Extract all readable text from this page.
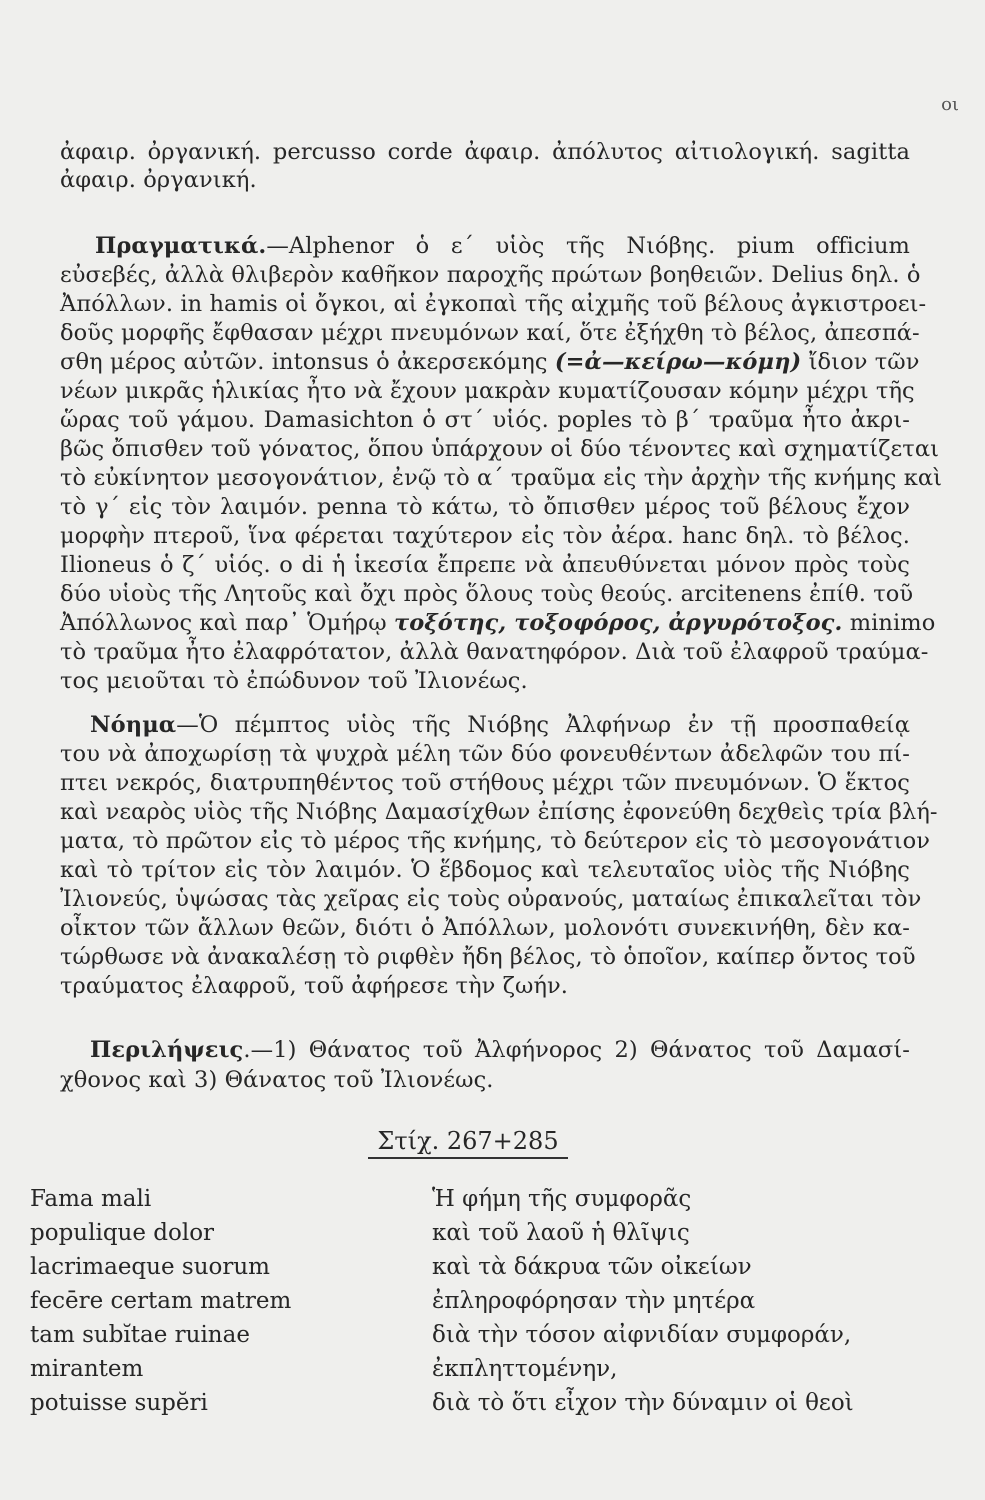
οι
ἀφαιρ. ὀργανική. percusso corde ἀφαιρ. ἀπόλυτος αἰτιολογική. sagitta
ἀφαιρ. ὀργανική.
Πραγματικά.—Alphenor ὁ ε΄ υἱὸς τῆς Νιόβης. pium officium
εὐσεβές, ἀλλὰ θλιβερὸν καθῆκον παροχῆς πρώτων βοηθειῶν. Delius δηλ. ὁ
Ἀπόλλων. in hamis οἱ ὄγκοι, αἱ ἐγκοπαὶ τῆς αἰχμῆς τοῦ βέλους ἀγκιστροει-
δοῦς μορφῆς ἔφθασαν μέχρι πνευμόνων καί, ὅτε ἐξήχθη τὸ βέλος, ἀπεσπά-
σθη μέρος αὐτῶν. intonsus ὁ ἀκερσεκόμης (=ἀ—κείρω—κόμη) ἴδιον τῶν
νέων μικρᾶς ἡλικίας ἦτο νὰ ἔχουν μακρὰν κυματίζουσαν κόμην μέχρι τῆς
ὥρας τοῦ γάμου. Damasichton ὁ στ΄ υἱός. poples τὸ β΄ τραῦμα ἦτο ἀκρι-
βῶς ὄπισθεν τοῦ γόνατος, ὅπου ὑπάρχουν οἱ δύο τένοντες καὶ σχηματίζεται
τὸ εὐκίνητον μεσογονάτιον, ἐνῷ τὸ α΄ τραῦμα εἰς τὴν ἀρχὴν τῆς κνήμης καὶ
τὸ γ΄ εἰς τὸν λαιμόν. penna τὸ κάτω, τὸ ὄπισθεν μέρος τοῦ βέλους ἔχον
μορφὴν πτεροῦ, ἵνα φέρεται ταχύτερον εἰς τὸν ἀέρα. hanc δηλ. τὸ βέλος.
Ilioneus ὁ ζ΄ υἱός. o di ἡ ἱκεσία ἔπρεπε νὰ ἀπευθύνεται μόνον πρὸς τοὺς
δύο υἱοὺς τῆς Λητοῦς καὶ ὄχι πρὸς ὅλους τοὺς θεούς. arcitenens ἐπίθ. τοῦ
Ἀπόλλωνος καὶ παρ᾽ Ὁμήρῳ τοξότης, τοξοφόρος, ἀργυρότοξος. minimo
τὸ τραῦμα ἦτο ἐλαφρότατον, ἀλλὰ θανατηφόρον. Διὰ τοῦ ἐλαφροῦ τραύμα-
τος μειοῦται τὸ ἐπώδυνον τοῦ Ἰλιονέως.
Νόημα—Ὁ πέμπτος υἱὸς τῆς Νιόβης Ἀλφήνωρ ἐν τῇ προσπαθείᾳ
του νὰ ἀποχωρίσῃ τὰ ψυχρὰ μέλη τῶν δύο φονευθέντων ἀδελφῶν του πί-
πτει νεκρός, διατρυπηθέντος τοῦ στήθους μέχρι τῶν πνευμόνων. Ὁ ἕκτος
καὶ νεαρὸς υἱὸς τῆς Νιόβης Δαμασίχθων ἐπίσης ἐφονεύθη δεχθεὶς τρία βλή-
ματα, τὸ πρῶτον εἰς τὸ μέρος τῆς κνήμης, τὸ δεύτερον εἰς τὸ μεσογονάτιον
καὶ τὸ τρίτον εἰς τὸν λαιμόν. Ὁ ἕβδομος καὶ τελευταῖος υἱὸς τῆς Νιόβης
Ἰλιονεύς, ὑψώσας τὰς χεῖρας εἰς τοὺς οὐρανούς, ματαίως ἐπικαλεῖται τὸν
οἶκτον τῶν ἄλλων θεῶν, διότι ὁ Ἀπόλλων, μολονότι συνεκινήθη, δὲν κα-
τώρθωσε νὰ ἀνακαλέσῃ τὸ ριφθὲν ἤδη βέλος, τὸ ὁποῖον, καίπερ ὄντος τοῦ
τραύματος ἐλαφροῦ, τοῦ ἀφήρεσε τὴν ζωήν.
Περιλήψεις.—1) Θάνατος τοῦ Ἀλφήνορος 2) Θάνατος τοῦ Δαμασί-
χθονος καὶ 3) Θάνατος τοῦ Ἰλιονέως.
Στίχ. 267+285
Fama mali	Ἡ φήμη τῆς συμφορᾶς
populique dolor	καὶ τοῦ λαοῦ ἡ θλῖψις
lacrimaeque suorum	καὶ τὰ δάκρυα τῶν οἰκείων
fecēre certam matrem	ἐπληροφόρησαν τὴν μητέρα
tam subĭtae ruinae	διὰ τὴν τόσον αἰφνιδίαν συμφοράν,
mirantem	ἐκπληττομένην,
potuisse supĕri	διὰ τὸ ὅτι εἶχον τὴν δύναμιν οἱ θεοὶ
